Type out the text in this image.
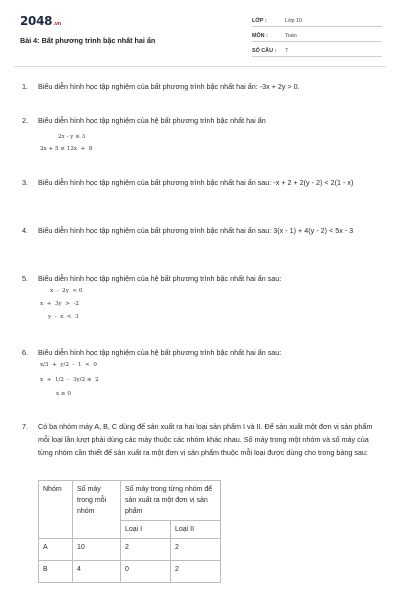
2048.vn
Bài 4: Bất phương trình bậc nhất hai ẩn
LỚP :	Lớp 10
MÔN :	Toán
SỐ CÂU : 7
1. Biểu diễn hình học tập nghiệm của bất phương trình bậc nhất hai ẩn: -3x + 2y > 0.
2. Biểu diễn hình học tập nghiệm của hệ bất phương trình bậc nhất hai ẩn
2x - y ≤ 3
2x + 5 ≤ 12x  +  8
3. Biểu diễn hình học tập nghiệm của bất phương trình bậc nhất hai ẩn sau: -x + 2 + 2(y - 2) < 2(1 - x)
4. Biểu diễn hình học tập nghiệm của bất phương trình bậc nhất hai ẩn sau: 3(x - 1) + 4(y - 2) < 5x - 3
5. Biểu diễn hình học tập nghiệm của hệ bất phương trình bậc nhất hai ẩn sau:
x  -  2y  < 0
x  +  3y  >  -2
y  -  x  <  3
6. Biểu diễn hình học tập nghiệm của hệ bất phương trình bậc nhất hai ẩn sau:
x/3  +  y/2  -  1  <  0
x  +  1/2  -  3y/2 ≤  2
x ≥ 0
7. Có ba nhóm máy A, B, C dùng để sản xuất ra hai loại sản phẩm I và II. Để sản xuất một đơn vị sản phẩm mỗi loại lần lượt phải dùng các máy thuộc các nhóm khác nhau. Số máy trong một nhóm và số máy của từng nhóm cần thiết để sản xuất ra một đơn vị sản phẩm thuộc mỗi loại được dùng cho trong bảng sau:
Nhóm	Số máy trong mỗi nhóm	Số máy trong từng nhóm để sản xuất ra một đơn vị sản phẩm	
		Loại I	Loại II
A	10	2	2
B	4	0	2
